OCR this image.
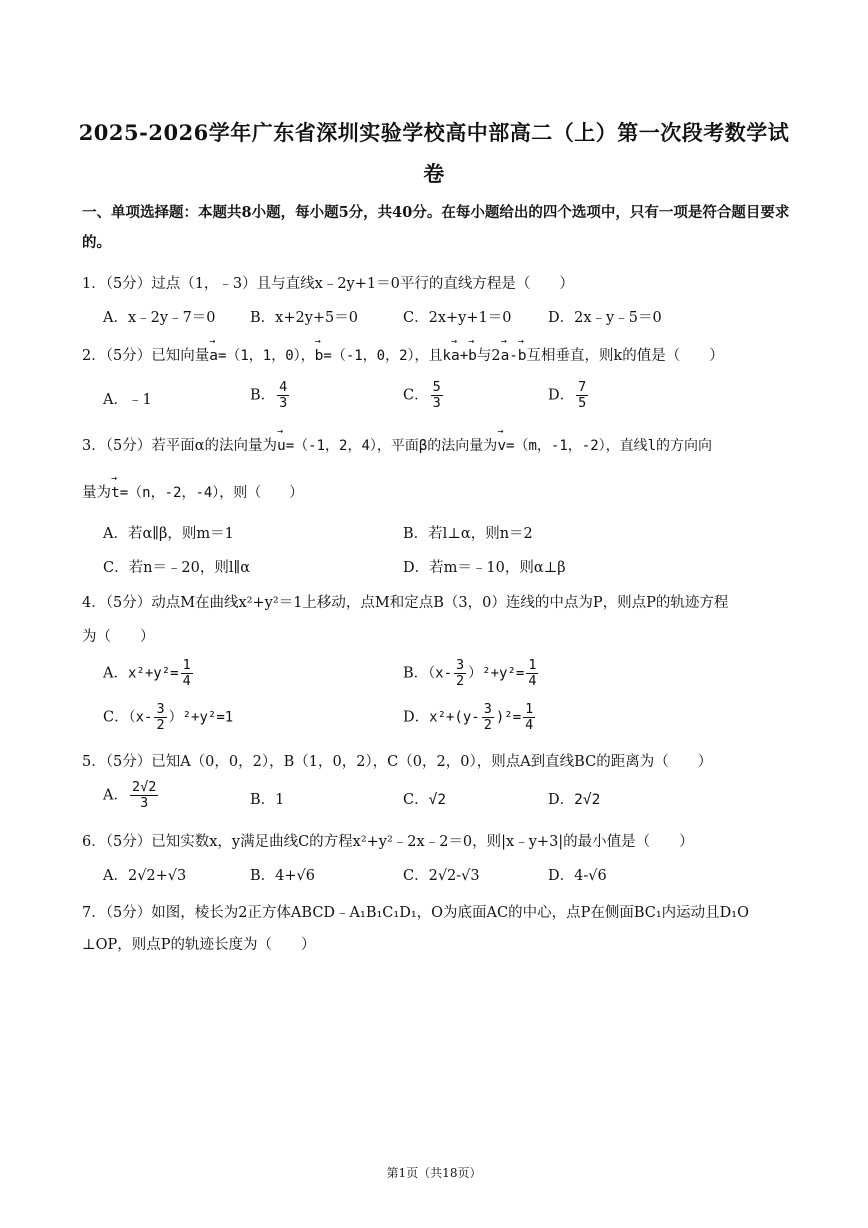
2025-2026学年广东省深圳实验学校高中部高二（上）第一次段考数学试
卷
一、单项选择题：本题共8小题，每小题5分，共40分。在每小题给出的四个选项中，只有一项是符合题目要求的。
1．（5分）过点（1，﹣3）且与直线x﹣2y+1＝0平行的直线方程是（　　）
A．x﹣2y﹣7＝0 B．x+2y+5＝0	C．2x+y+1＝0	D．2x﹣y﹣5＝0
2．（5分）已知向量→ a=（1，1，0），→ b=（-1，0，2），且k→ a+→ b与2→ a-→ b互相垂直，则k的值是（　　）
A．﹣1	B． $\frac{4}{3}$	C． $\frac{5}{3}$	D． $\frac{7}{5}$
3．（5分）若平面α的法向量为→ u=（-1，2，4），平面β的法向量为→ v=（m，-1，-2），直线l的方向向
量为→ t=（n，-2，-4），则（　　）
A．若α∥β，则m＝1	B．若l⊥α，则n＝2
C．若n＝﹣20，则l∥α	D．若m＝﹣10，则α⊥β
4．（5分）动点M在曲线x²+y²＝1上移动，点M和定点B（3，0）连线的中点为P，则点P的轨迹方程
为（　　）
A．$x^2+y^2= \frac{1}{4}$	B．$(x- \frac{3}{2} )^2+y^2= \frac{1}{4}$
C．$(x- \frac{3}{2} )^2+y^2=1$	D．$x^2+(y- \frac{3}{2} )^2= \frac{1}{4}$
5．（5分）已知A（0，0，2），B（1，0，2），C（0，2，0），则点A到直线BC的距离为（　　）
A． $\frac{2√2}{3}$	B．1	C．√2	D．2√2
6．（5分）已知实数x，y满足曲线C的方程x²+y²﹣2x﹣2＝0，则|x﹣y+3|的最小值是（　　）
A．2√2+√3	B．4+√6	C．2√2-√3	D．4-√6
7．（5分）如图，棱长为2正方体ABCD﹣A₁B₁C₁D₁，O为底面AC的中心，点P在侧面BC₁内运动且D₁O
⊥OP，则点P的轨迹长度为（　　）
第1页（共18页）
